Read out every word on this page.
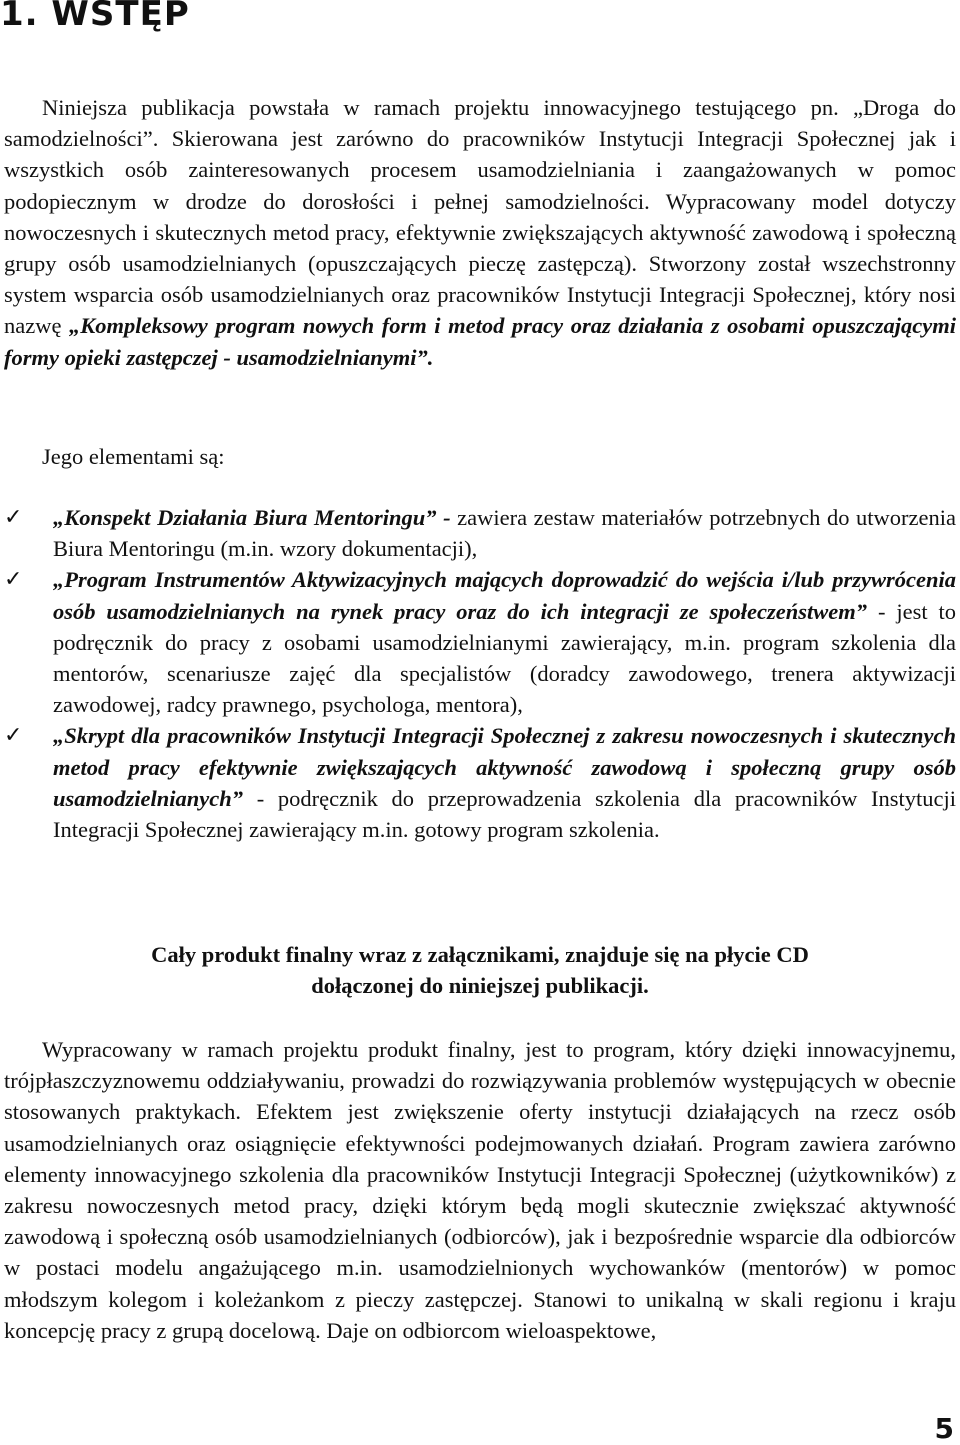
1. WSTĘP

Niniejsza publikacja powstała w ramach projektu innowacyjnego testującego pn. „Droga do samodzielności”. Skierowana jest zarówno do pracowników Instytucji Integracji Społecznej jak i wszystkich osób zainteresowanych procesem usamodzielniania i zaangażowanych w pomoc podopiecznym w drodze do dorosłości i pełnej samodzielności. Wypracowany model dotyczy nowoczesnych i skutecznych metod pracy, efektywnie zwiększających aktywność zawodową i społeczną grupy osób usamodzielnianych (opuszczających pieczę zastępczą). Stworzony został wszechstronny system wsparcia osób usamodzielnianych oraz pracowników Instytucji Integracji Społecznej, który nosi nazwę „Kompleksowy program nowych form i metod pracy oraz działania z osobami opuszczającymi formy opieki zastępczej - usamodzielnianymi”.

Jego elementami są:

✓ „Konspekt Działania Biura Mentoringu” - zawiera zestaw materiałów potrzebnych do utworzenia Biura Mentoringu (m.in. wzory dokumentacji),
✓ „Program Instrumentów Aktywizacyjnych mających doprowadzić do wejścia i/lub przywrócenia osób usamodzielnianych na rynek pracy oraz do ich integracji ze społeczeństwem” - jest to podręcznik do pracy z osobami usamodzielnianymi zawierający, m.in. program szkolenia dla mentorów, scenariusze zajęć dla specjalistów (doradcy zawodowego, trenera aktywizacji zawodowej, radcy prawnego, psychologa, mentora),
✓ „Skrypt dla pracowników Instytucji Integracji Społecznej z zakresu nowoczesnych i skutecznych metod pracy efektywnie zwiększających aktywność zawodową i społeczną grupy osób usamodzielnianych” - podręcznik do przeprowadzenia szkolenia dla pracowników Instytucji Integracji Społecznej zawierający m.in. gotowy program szkolenia.
Cały produkt finalny wraz z załącznikami, znajduje się na płycie CD
dołączonej do niniejszej publikacji.

Wypracowany w ramach projektu produkt finalny, jest to program, który dzięki innowacyjnemu, trójpłaszczyznowemu oddziaływaniu, prowadzi do rozwiązywania problemów występujących w obecnie stosowanych praktykach. Efektem jest zwiększenie oferty instytucji działających na rzecz osób usamodzielnianych oraz osiągnięcie efektywności podejmowanych działań. Program zawiera zarówno elementy innowacyjnego szkolenia dla pracowników Instytucji Integracji Społecznej (użytkowników) z zakresu nowoczesnych metod pracy, dzięki którym będą mogli skutecznie zwiększać aktywność zawodową i społeczną osób usamodzielnianych (odbiorców), jak i bezpośrednie wsparcie dla odbiorców w postaci modelu angażującego m.in. usamodzielnionych wychowanków (mentorów) w pomoc młodszym kolegom i koleżankom z pieczy zastępczej. Stanowi to unikalną w skali regionu i kraju koncepcję pracy z grupą docelową. Daje on odbiorcom wieloaspektowe,

5
